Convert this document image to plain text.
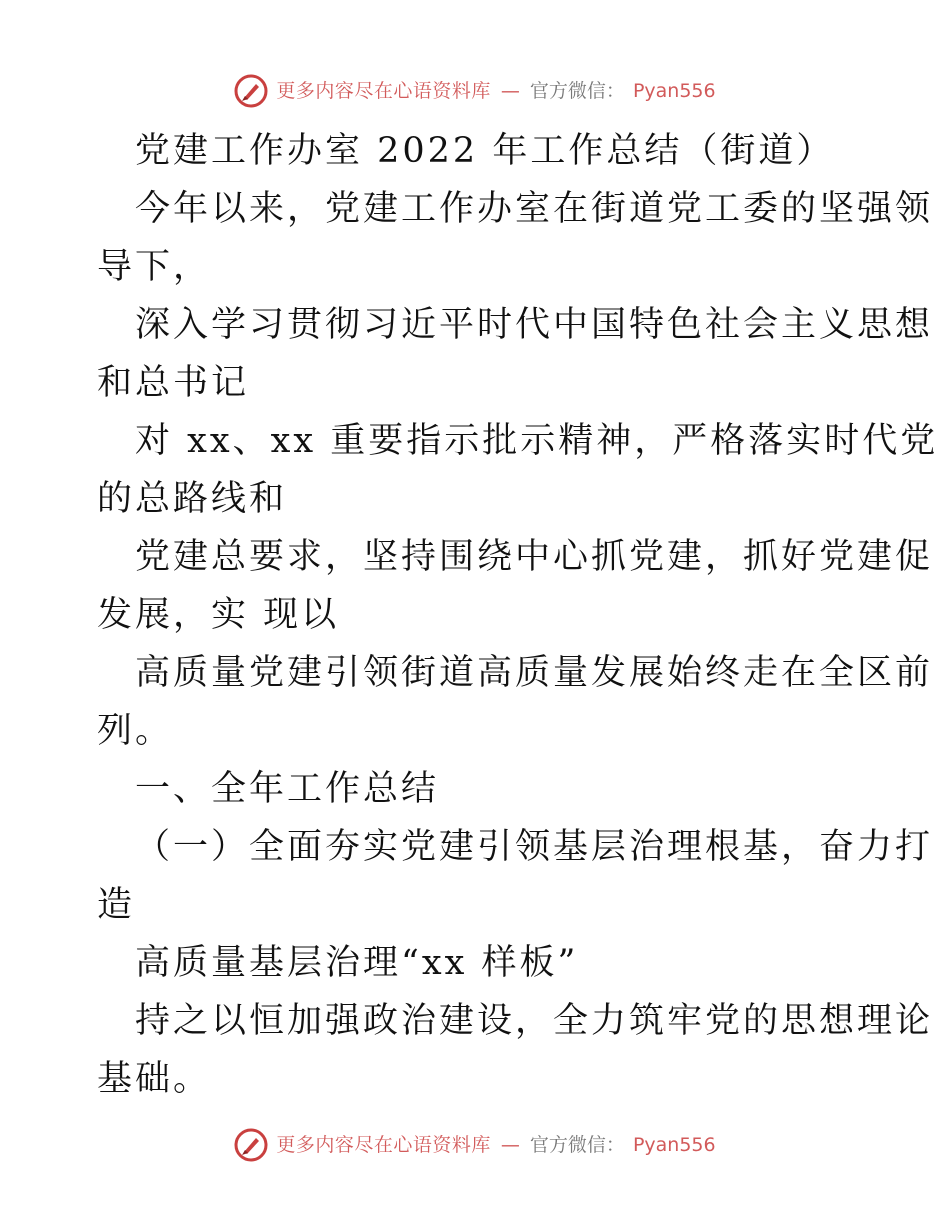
更多内容尽在心语资料库 — 官方微信： Pyan556

党建工作办室 2022 年工作总结（街道）

今年以来，党建工作办室在街道党工委的坚强领

导下，

深入学习贯彻习近平时代中国特色社会主义思想

和总书记

对 xx、xx 重要指示批示精神，严格落实时代党

的总路线和

党建总要求，坚持围绕中心抓党建，抓好党建促

发展，实 现以

高质量党建引领街道高质量发展始终走在全区前

列。

一、全年工作总结

（一）全面夯实党建引领基层治理根基，奋力打

造

高质量基层治理“xx 样板”

持之以恒加强政治建设，全力筑牢党的思想理论

基础。

更多内容尽在心语资料库 — 官方微信： Pyan556
